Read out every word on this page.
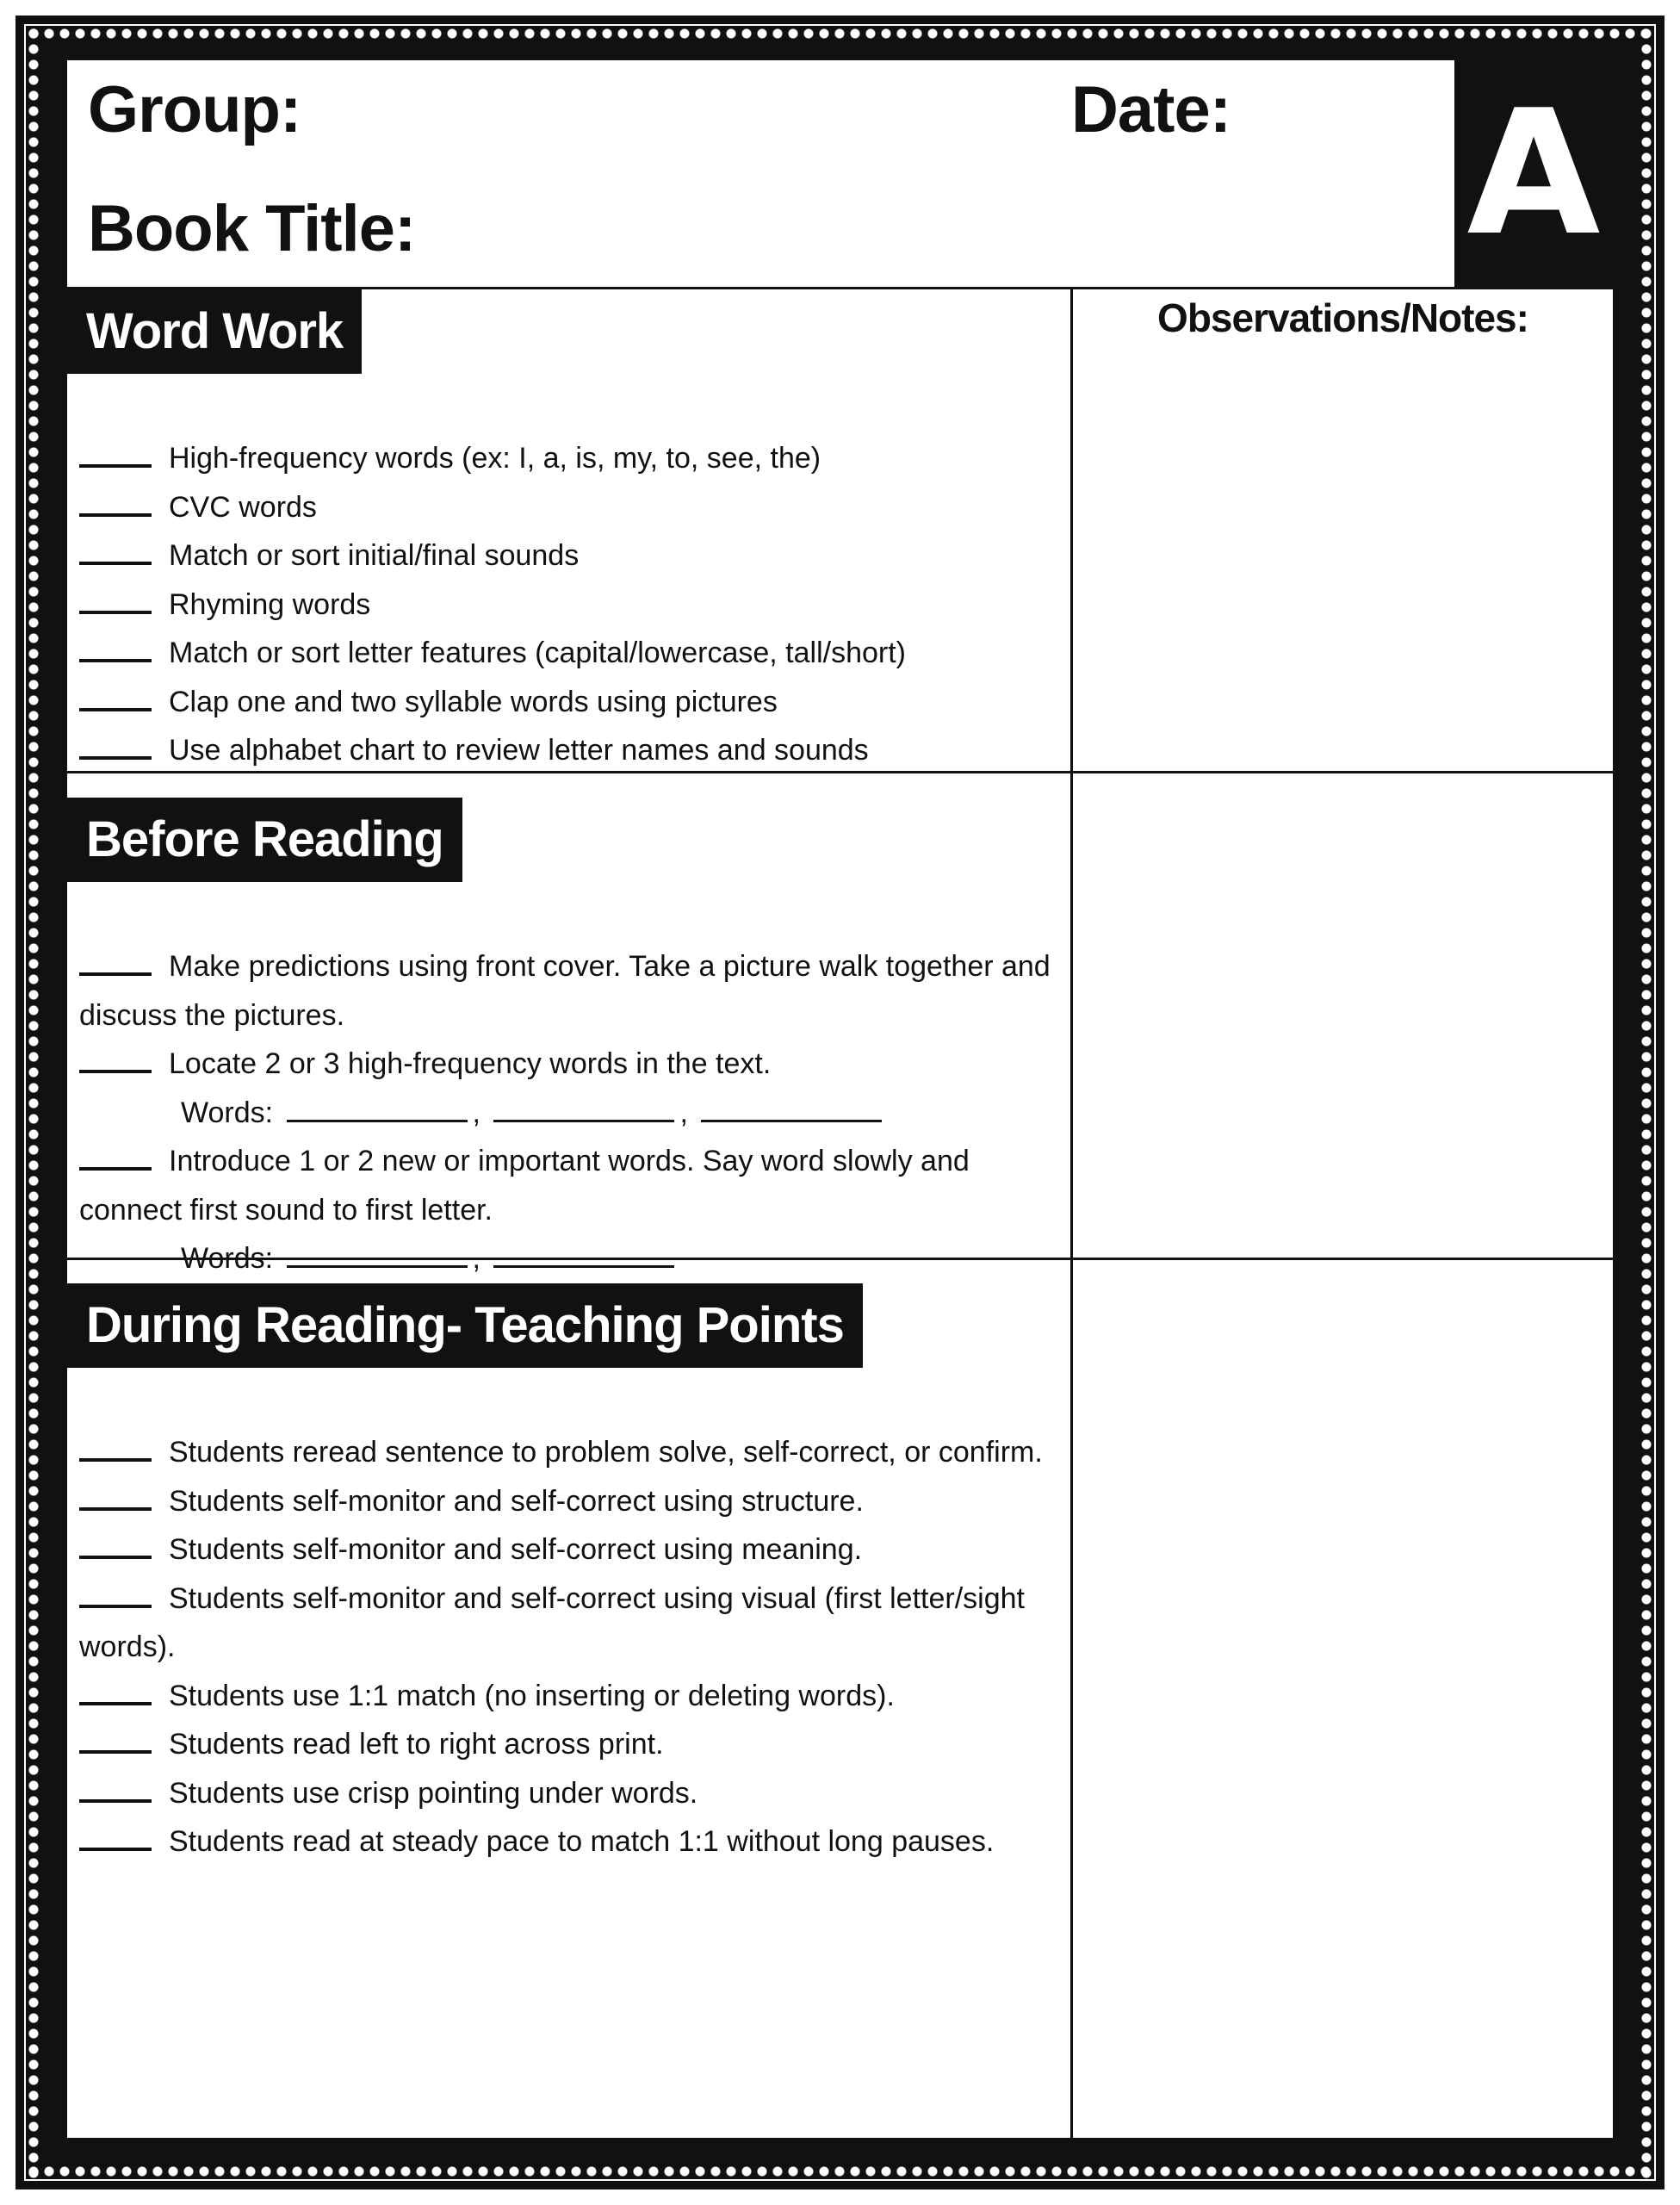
Group:	Date:
Book Title:	A
Observations/Notes:
Word Work
High-frequency words (ex: I, a, is, my, to, see, the)
CVC words
Match or sort initial/final sounds
Rhyming words
Match or sort letter features (capital/lowercase, tall/short)
Clap one and two syllable words using pictures
Use alphabet chart to review letter names and sounds
Before Reading
Make predictions using front cover. Take a picture walk together and discuss the pictures.
Locate 2 or 3 high-frequency words in the text.
Words:	,	,
Introduce 1 or 2 new or important words. Say word slowly and connect first sound to first letter.
Words:	,
During Reading- Teaching Points
Students reread sentence to problem solve, self-correct, or confirm.
Students self-monitor and self-correct using structure.
Students self-monitor and self-correct using meaning.
Students self-monitor and self-correct using visual (first letter/sight words).
Students use 1:1 match (no inserting or deleting words).
Students read left to right across print.
Students use crisp pointing under words.
Students read at steady pace to match 1:1 without long pauses.
